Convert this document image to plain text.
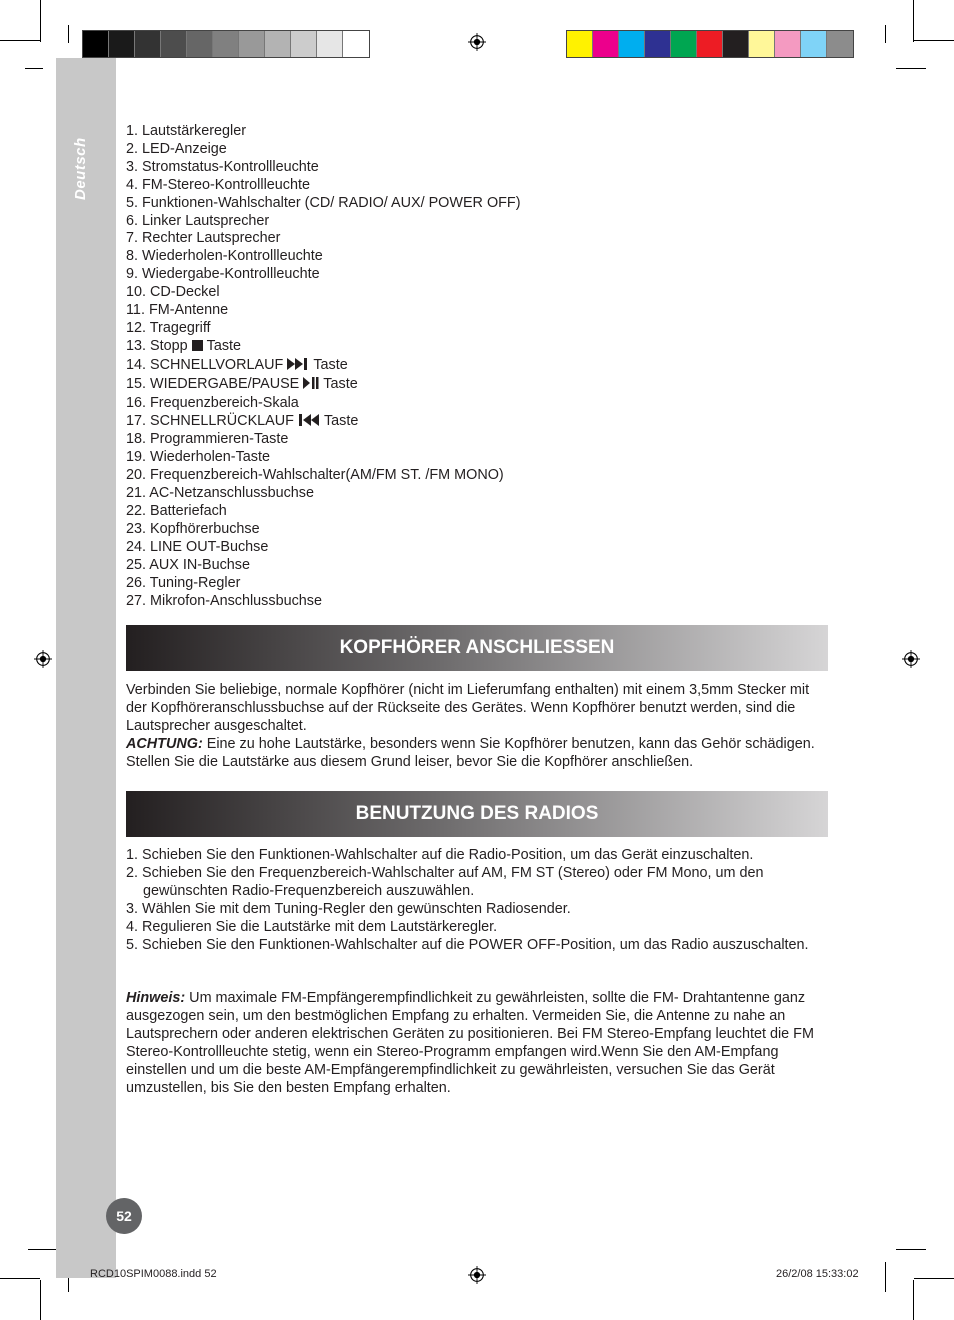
Deutsch
1. Lautstärkeregler
2. LED-Anzeige
3. Stromstatus-Kontrollleuchte
4. FM-Stereo-Kontrollleuchte
5. Funktionen-Wahlschalter (CD/ RADIO/ AUX/ POWER OFF)
6. Linker Lautsprecher
7. Rechter Lautsprecher
8. Wiederholen-Kontrollleuchte
9. Wiedergabe-Kontrollleuchte
10. CD-Deckel
11. FM-Antenne
12. Tragegriff
13. Stopp Taste
14. SCHNELLVORLAUF Taste
15. WIEDERGABE/PAUSE Taste
16. Frequenzbereich-Skala
17. SCHNELLRÜCKLAUF Taste
18. Programmieren-Taste
19. Wiederholen-Taste
20. Frequenzbereich-Wahlschalter(AM/FM ST. /FM MONO)
21. AC-Netzanschlussbuchse
22. Batteriefach
23. Kopfhörerbuchse
24. LINE OUT-Buchse
25. AUX IN-Buchse
26. Tuning-Regler
27. Mikrofon-Anschlussbuchse
KOPFHÖRER ANSCHLIESSEN
Verbinden Sie beliebige, normale Kopfhörer (nicht im Lieferumfang enthalten) mit einem 3,5mm Stecker mit der Kopfhöreranschlussbuchse auf der Rückseite des Gerätes. Wenn Kopfhörer benutzt werden, sind die Lautsprecher ausgeschaltet.
ACHTUNG: Eine zu hohe Lautstärke, besonders wenn Sie Kopfhörer benutzen, kann das Gehör schädigen. Stellen Sie die Lautstärke aus diesem Grund leiser, bevor Sie die Kopfhörer anschließen.
BENUTZUNG DES RADIOS
1. Schieben Sie den Funktionen-Wahlschalter auf die Radio-Position, um das Gerät einzuschalten.
2. Schieben Sie den Frequenzbereich-Wahlschalter auf AM, FM ST (Stereo) oder FM Mono, um den gewünschten Radio-Frequenzbereich auszuwählen.
3. Wählen Sie mit dem Tuning-Regler den gewünschten Radiosender.
4. Regulieren Sie die Lautstärke mit dem Lautstärkeregler.
5. Schieben Sie den Funktionen-Wahlschalter auf die POWER OFF-Position, um das Radio auszuschalten.
Hinweis: Um maximale FM-Empfängerempfindlichkeit zu gewährleisten, sollte die FM- Drahtantenne ganz ausgezogen sein, um den bestmöglichen Empfang zu erhalten. Vermeiden Sie, die Antenne zu nahe an Lautsprechern oder anderen elektrischen Geräten zu positionieren. Bei FM Stereo-Empfang leuchtet die FM Stereo-Kontrollleuchte stetig, wenn ein Stereo-Programm empfangen wird.Wenn Sie den AM-Empfang einstellen und um die beste AM-Empfängerempfindlichkeit zu gewährleisten, versuchen Sie das Gerät umzustellen, bis Sie den besten Empfang erhalten.
52
RCD10SPIM0088.indd 52	26/2/08 15:33:02
